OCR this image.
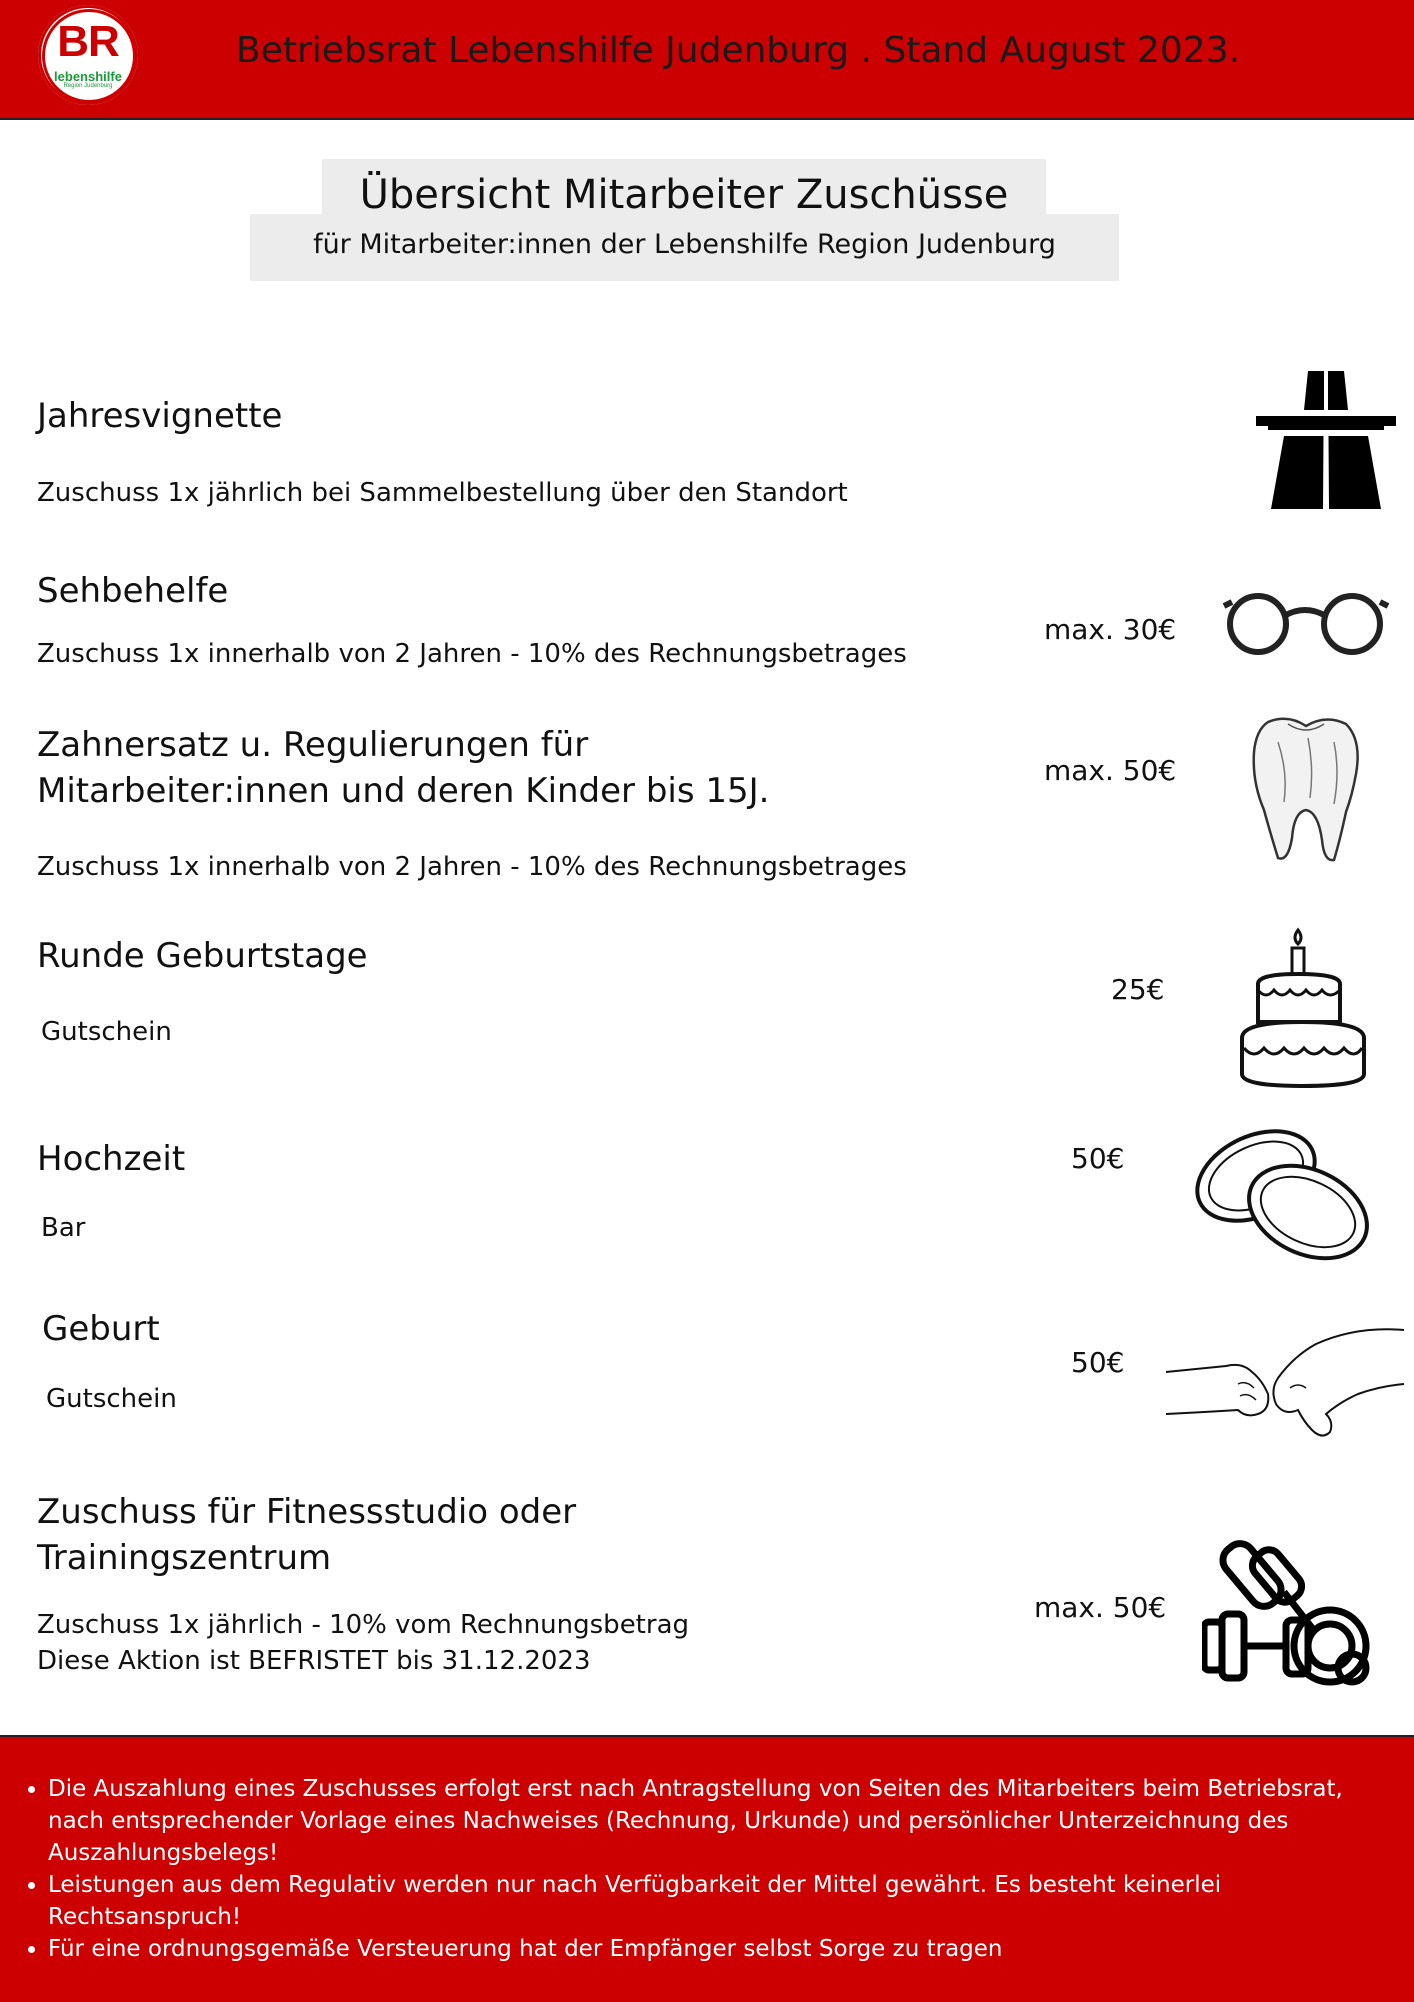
BR
lebenshilfe
Region Judenburg
Betriebsrat Lebenshilfe Judenburg . Stand August 2023.
Übersicht Mitarbeiter Zuschüsse
für Mitarbeiter:innen der Lebenshilfe Region Judenburg
Jahresvignette
Zuschuss 1x jährlich bei Sammelbestellung über den Standort
Sehbehelfe
Zuschuss 1x innerhalb von 2 Jahren - 10% des Rechnungsbetrages
max. 30€
Zahnersatz u. Regulierungen für
Mitarbeiter:innen und deren Kinder bis 15J.
Zuschuss 1x innerhalb von 2 Jahren - 10% des Rechnungsbetrages
max. 50€
Runde Geburtstage
Gutschein
25€
Hochzeit
Bar
50€
Geburt
Gutschein
50€
Zuschuss für Fitnessstudio oder
Trainingszentrum
Zuschuss 1x jährlich - 10% vom Rechnungsbetrag
Diese Aktion ist BEFRISTET bis 31.12.2023
max. 50€
• Die Auszahlung eines Zuschusses erfolgt erst nach Antragstellung von Seiten des Mitarbeiters beim Betriebsrat, nach entsprechender Vorlage eines Nachweises (Rechnung, Urkunde) und persönlicher Unterzeichnung des Auszahlungsbelegs!
• Leistungen aus dem Regulativ werden nur nach Verfügbarkeit der Mittel gewährt. Es besteht keinerlei Rechtsanspruch!
• Für eine ordnungsgemäße Versteuerung hat der Empfänger selbst Sorge zu tragen
